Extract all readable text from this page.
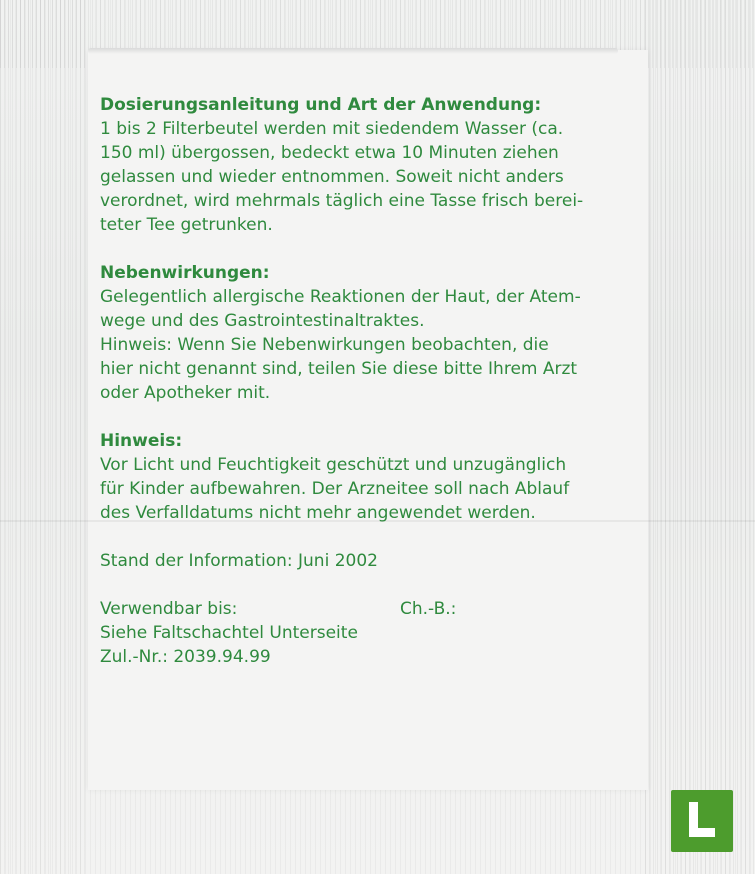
Dosierungsanleitung und Art der Anwendung:

1 bis 2 Filterbeutel werden mit siedendem Wasser (ca.

150 ml) übergossen, bedeckt etwa 10 Minuten ziehen

gelassen und wieder entnommen. Soweit nicht anders

verordnet, wird mehrmals täglich eine Tasse frisch berei-

teter Tee getrunken.

Nebenwirkungen:

Gelegentlich allergische Reaktionen der Haut, der Atem-

wege und des Gastrointestinaltraktes.

Hinweis: Wenn Sie Nebenwirkungen beobachten, die

hier nicht genannt sind, teilen Sie diese bitte Ihrem Arzt

oder Apotheker mit.

Hinweis:

Vor Licht und Feuchtigkeit geschützt und unzugänglich

für Kinder aufbewahren. Der Arzneitee soll nach Ablauf

des Verfalldatums nicht mehr angewendet werden.

Stand der Information: Juni 2002

Verwendbar bis:	Ch.-B.:

Siehe Faltschachtel Unterseite

Zul.-Nr.: 2039.94.99
